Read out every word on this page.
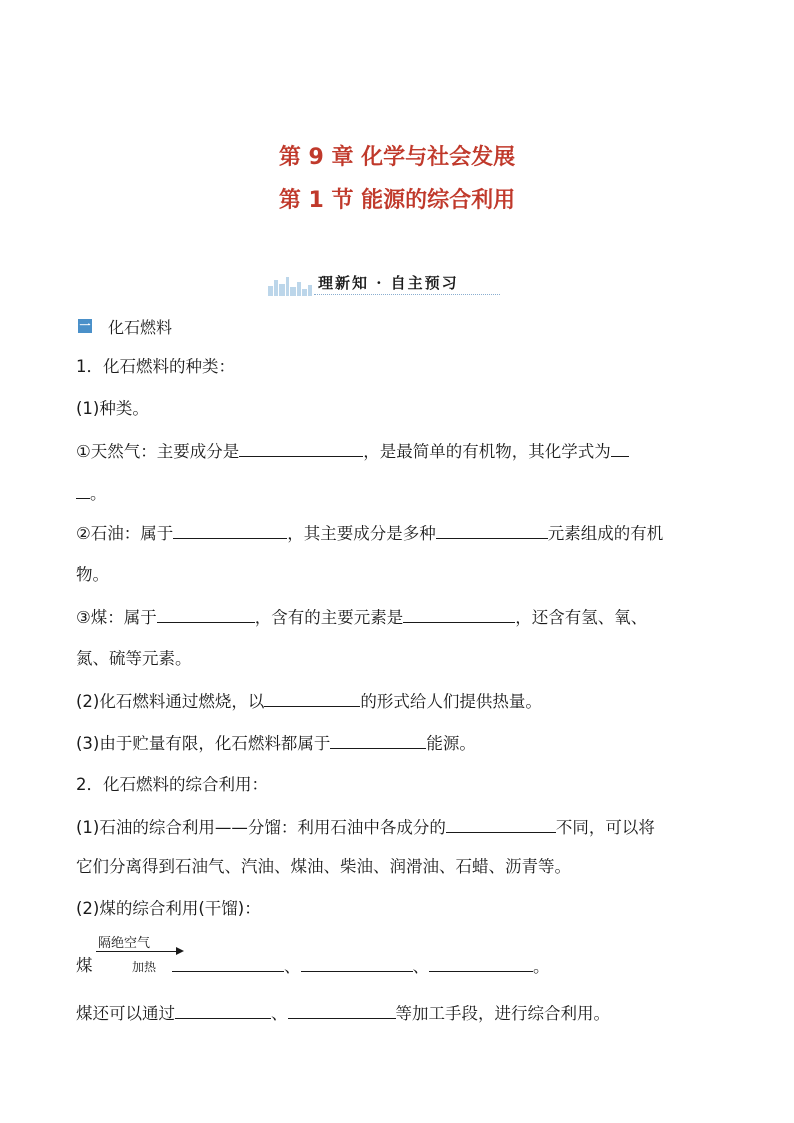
第 9 章 化学与社会发展
第 1 节 能源的综合利用
理新知 · 自主预习
一 化石燃料
1．化石燃料的种类：
(1)种类。
①天然气：主要成分是	，是最简单的有机物，其化学式为
。
②石油：属于	，其主要成分是多种	元素组成的有机
物。
③煤：属于	，含有的主要元素是	，还含有氢、氧、
氮、硫等元素。
(2)化石燃料通过燃烧，以	的形式给人们提供热量。
(3)由于贮量有限，化石燃料都属于	能源。
2．化石燃料的综合利用：
(1)石油的综合利用——分馏：利用石油中各成分的	不同，可以将
它们分离得到石油气、汽油、煤油、柴油、润滑油、石蜡、沥青等。
(2)煤的综合利用(干馏)：
煤
隔绝空气
加热	、	、	。
煤还可以通过	、	等加工手段，进行综合利用。
